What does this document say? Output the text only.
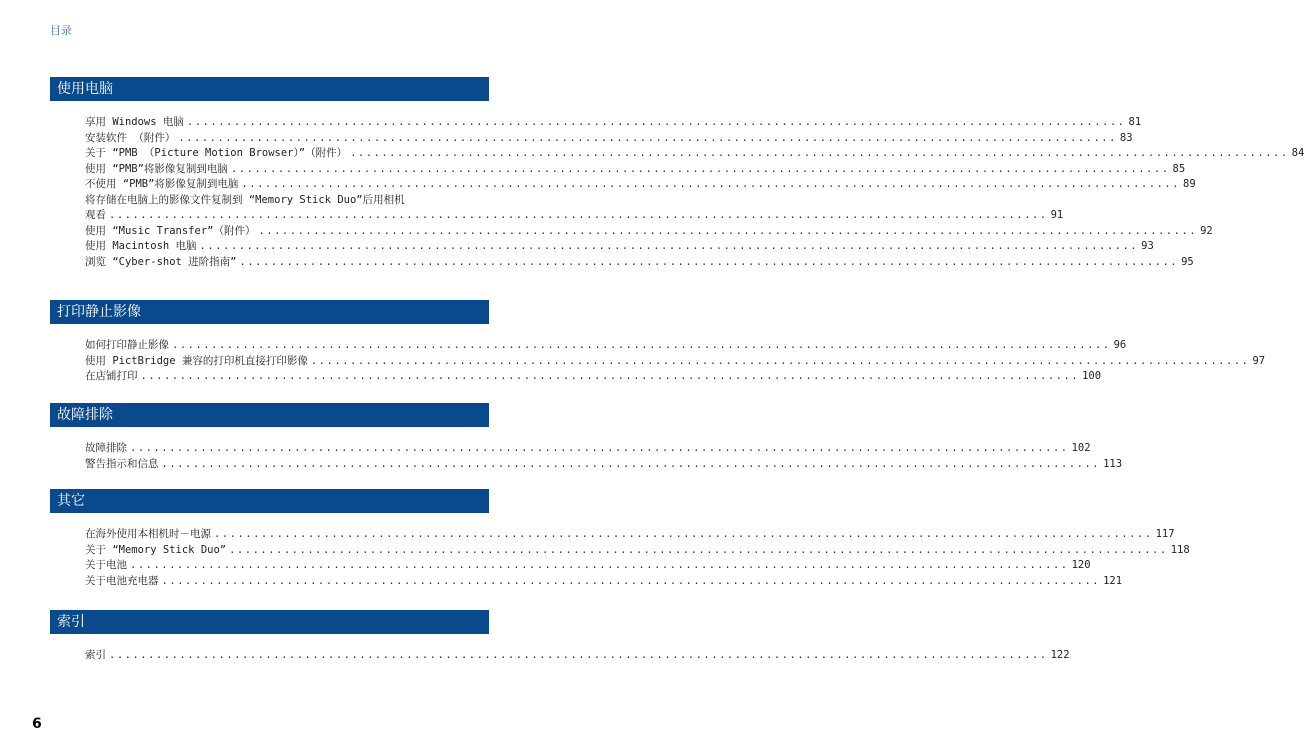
目录
使用电脑
享用 Windows 电脑 ........................................................................................................................ 81
安装软件 （附件） ........................................................................................................................ 83
关于 “PMB （Picture Motion Browser）”（附件） ........................................................................................................................ 84
使用 “PMB”将影像复制到电脑 ........................................................................................................................ 85
不使用 “PMB”将影像复制到电脑 ........................................................................................................................ 89
将存储在电脑上的影像文件复制到 “Memory Stick Duo”后用相机
观看 ........................................................................................................................ 91
使用 “Music Transfer”（附件） ........................................................................................................................ 92
使用 Macintosh 电脑 ........................................................................................................................ 93
浏览 “Cyber-shot 进阶指南” ........................................................................................................................ 95
打印静止影像
如何打印静止影像 ........................................................................................................................ 96
使用 PictBridge 兼容的打印机直接打印影像 ........................................................................................................................ 97
在店铺打印 ........................................................................................................................ 100
故障排除
故障排除 ........................................................................................................................ 102
警告指示和信息 ........................................................................................................................ 113
其它
在海外使用本相机时－电源 ........................................................................................................................ 117
关于 “Memory Stick Duo” ........................................................................................................................ 118
关于电池 ........................................................................................................................ 120
关于电池充电器 ........................................................................................................................ 121
索引
索引 ........................................................................................................................ 122
6
